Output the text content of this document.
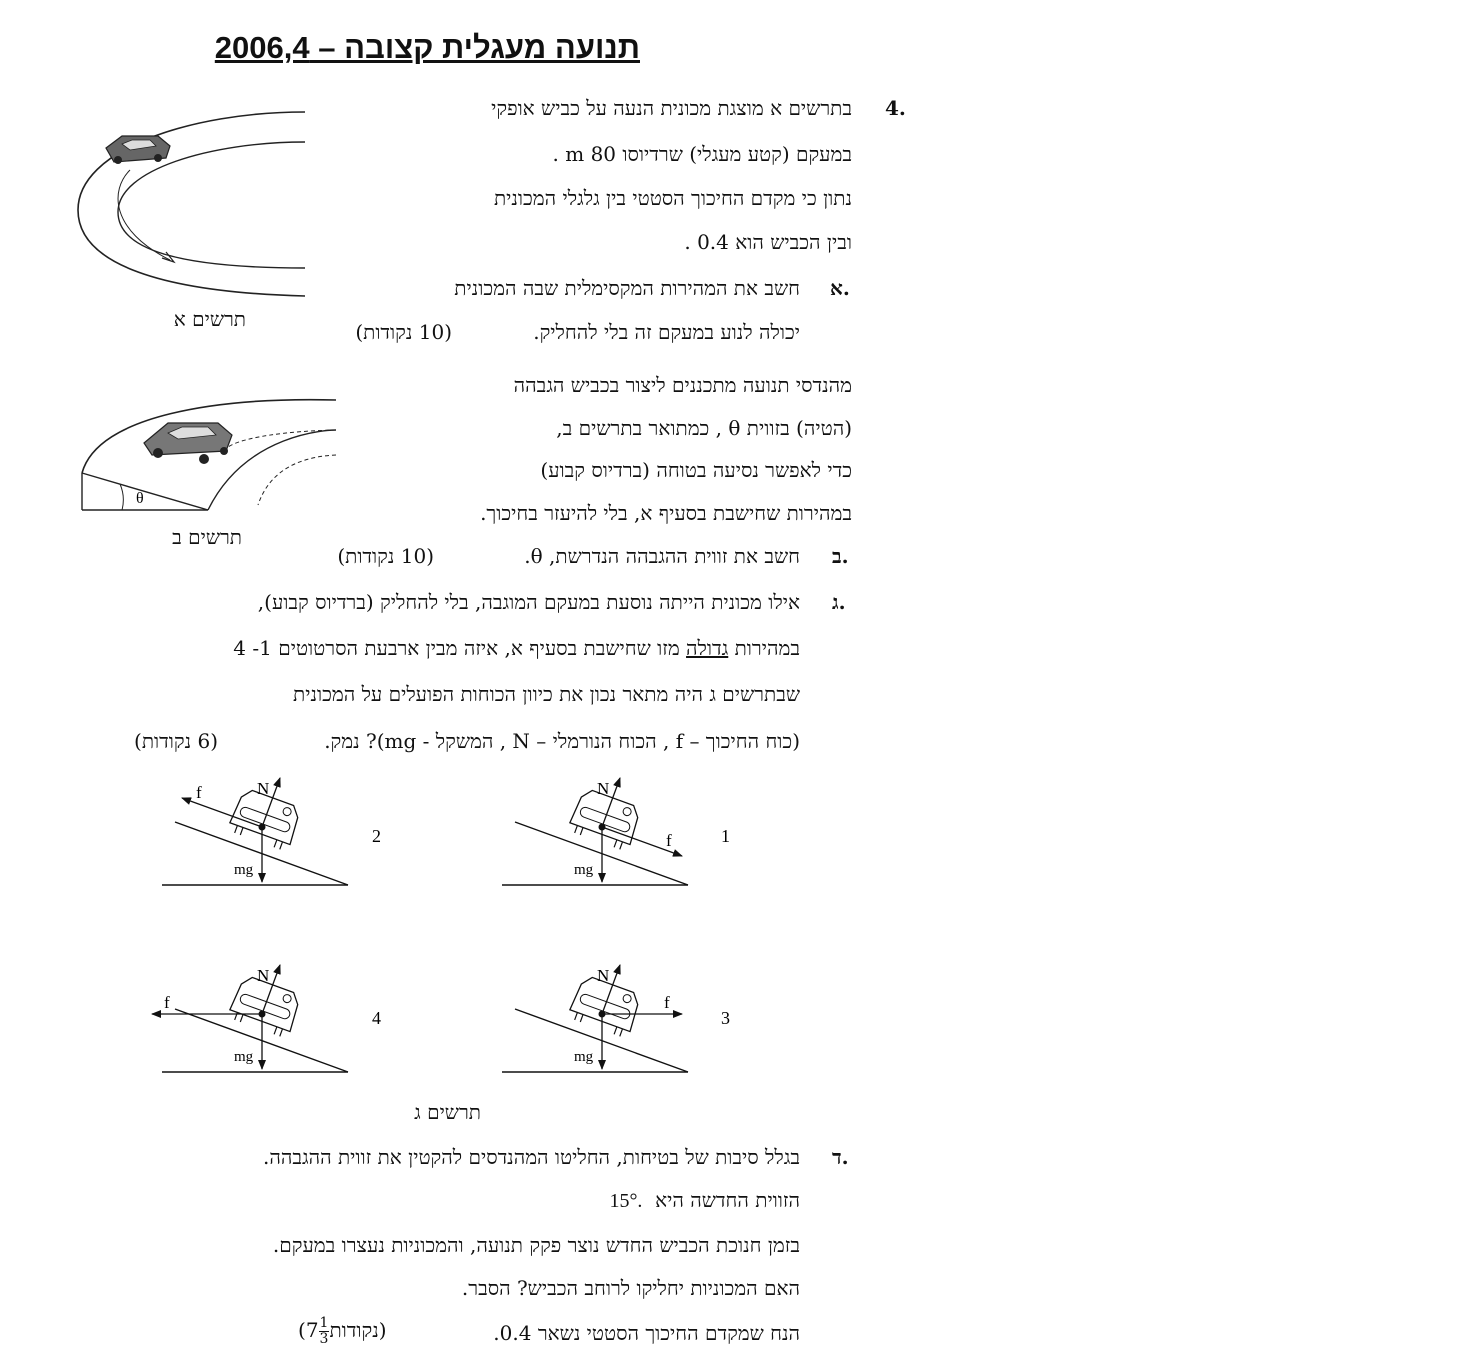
תנועה מעגלית קצובה – 2006,4
4.
בתרשים א מוצגת מכונית הנעה על כביש אופקי
במעקם (קטע מעגלי) שרדיוסו 80 m .
נתון כי מקדם החיכוך הסטטי בין גלגלי המכונית
ובין הכביש הוא 0.4 .
א.
חשב את המהירות המקסימלית שבה המכונית
יכולה לנוע במעקם זה בלי להחליק.
(10 נקודות)
מהנדסי תנועה מתכננים ליצור בכביש הגבהה
(הטיה) בזווית θ , כמתואר בתרשים ב,
כדי לאפשר נסיעה בטוחה (ברדיוס קבוע)
במהירות שחישבת בסעיף א, בלי להיעזר בחיכוך.
ב.
חשב את זווית ההגבהה הנדרשת, θ.
(10 נקודות)
ג.
אילו מכונית הייתה נוסעת במעקם המוגבה, בלי להחליק (ברדיוס קבוע),
במהירות גדולה מזו שחישבת בסעיף א, איזה מבין ארבעת הסרטוטים 1- 4
שבתרשים ג היה מתאר נכון את כיוון הכוחות הפועלים על המכונית
(כוח החיכוך – f , הכוח הנורמלי – N , המשקל - mg)? נמק.
(6 נקודות)
תרשים א
θ
תרשים ב
N
f
mg
1
N
f
mg
2
N
f
mg
3
N
f
mg
4
תרשים ג
ד.
בגלל סיבות של בטיחות, החליטו המהנדסים להקטין את זווית ההגבהה.
הזווית החדשה היא  15°.
בזמן חנוכת הכביש החדש נוצר פקק תנועה, והמכוניות נעצרו במעקם.
האם המכוניות יחליקו לרוחב הכביש? הסבר.
הנח שמקדם החיכוך הסטטי נשאר 0.4.
($7 \frac{1}{3}$ נקודות)
